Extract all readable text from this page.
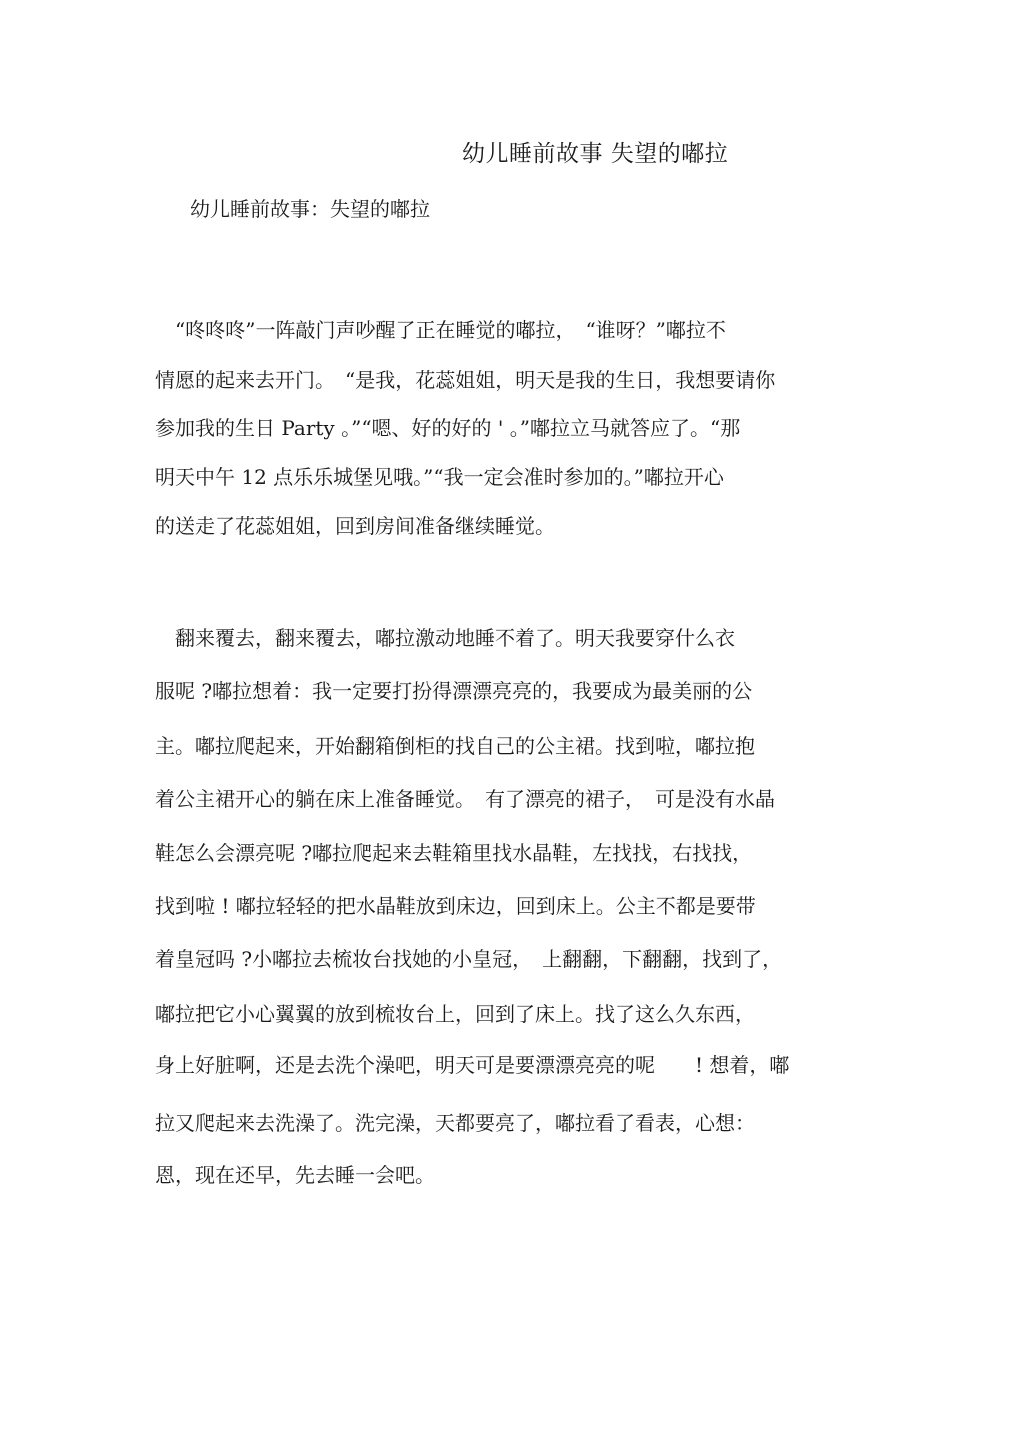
幼儿睡前故事 失望的嘟拉
幼儿睡前故事：失望的嘟拉
　“咚咚咚”一阵敲门声吵醒了正在睡觉的嘟拉，　“谁呀？”嘟拉不
情愿的起来去开门。　“是我，花蕊姐姐，明天是我的生日，我想要请你
参加我的生日 Party 。”“嗯、好的好的 ' 。”嘟拉立马就答应了。“那
明天中午 12 点乐乐城堡见哦。”“我一定会准时参加的。”嘟拉开心
的送走了花蕊姐姐，回到房间准备继续睡觉。
　翻来覆去，翻来覆去，嘟拉激动地睡不着了。明天我要穿什么衣
服呢 ?嘟拉想着：我一定要打扮得漂漂亮亮的，我要成为最美丽的公
主。嘟拉爬起来，开始翻箱倒柜的找自己的公主裙。找到啦，嘟拉抱
着公主裙开心的躺在床上准备睡觉。　有了漂亮的裙子，　可是没有水晶
鞋怎么会漂亮呢 ?嘟拉爬起来去鞋箱里找水晶鞋，左找找，右找找，
找到啦 ! 嘟拉轻轻的把水晶鞋放到床边，回到床上。公主不都是要带
着皇冠吗 ?小嘟拉去梳妆台找她的小皇冠，　上翻翻，下翻翻，找到了，
嘟拉把它小心翼翼的放到梳妆台上，回到了床上。找了这么久东西，
身上好脏啊，还是去洗个澡吧，明天可是要漂漂亮亮的呢　　! 想着，嘟
拉又爬起来去洗澡了。洗完澡，天都要亮了，嘟拉看了看表，心想：
恩，现在还早，先去睡一会吧。
